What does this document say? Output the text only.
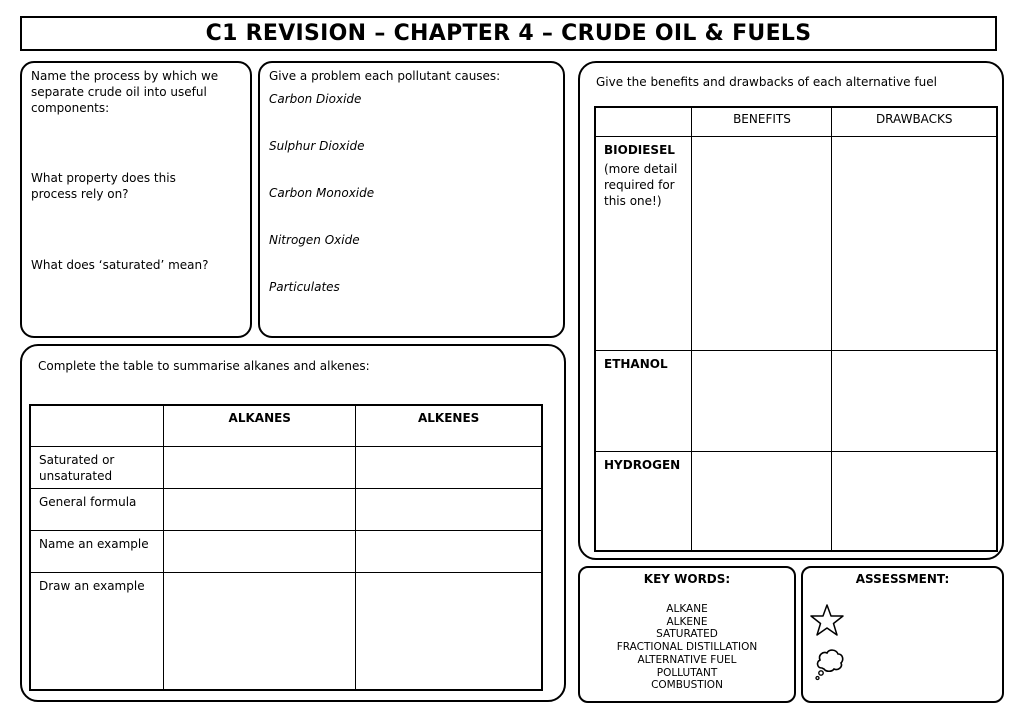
C1 REVISION – CHAPTER 4 – CRUDE OIL & FUELS
Name the process by which we separate crude oil into useful components:
What property does this process rely on?
What does ‘saturated’ mean?
Give a problem each pollutant causes:
Carbon Dioxide
Sulphur Dioxide
Carbon Monoxide
Nitrogen Oxide
Particulates
Complete the table to summarise alkanes and alkenes:
	ALKANES	ALKENES
Saturated or unsaturated		
General formula		
Name an example		
Draw an example		
Give the benefits and drawbacks of each alternative fuel
	BENEFITS	DRAWBACKS

BIODIESEL
(more detail required for this one!)		

ETHANOL		

HYDROGEN		

KEY WORDS:
ALKANE
ALKENE
SATURATED
FRACTIONAL DISTILLATION
ALTERNATIVE FUEL
POLLUTANT
COMBUSTION
ASSESSMENT:
